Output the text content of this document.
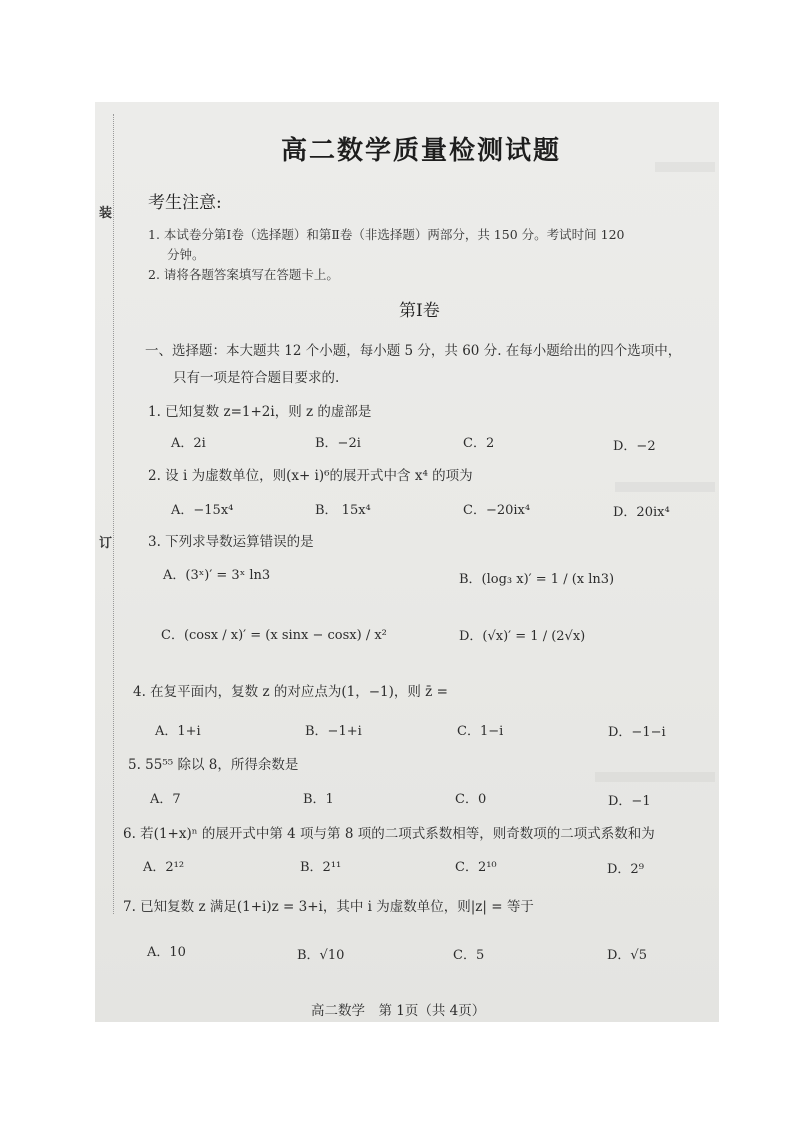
装
订
高二数学质量检测试题
考生注意:
1. 本试卷分第Ⅰ卷（选择题）和第Ⅱ卷（非选择题）两部分，共 150 分。考试时间 120
分钟。
2. 请将各题答案填写在答题卡上。
第Ⅰ卷
一、选择题：本大题共 12 个小题，每小题 5 分，共 60 分. 在每小题给出的四个选项中，
只有一项是符合题目要求的.
1. 已知复数 z=1+2i，则 z 的虚部是
A．2i	B．−2i	C．2	D．−2
2. 设 i 为虚数单位，则(x+ i)⁶的展开式中含 x⁴ 的项为
A．−15x⁴	B． 15x⁴	C．−20ix⁴	D．20ix⁴
3. 下列求导数运算错误的是
A．(3ˣ)′ = 3ˣ ln3	B．(log₃ x)′ = 1 / (x ln3)
C．(cosx / x)′ = (x sinx − cosx) / x²	D．(√x)′ = 1 / (2√x)
4. 在复平面内，复数 z 的对应点为(1，−1)，则 z̄ =
A．1+i	B．−1+i	C．1−i	D．−1−i
5. 55⁵⁵ 除以 8，所得余数是
A．7	B．1	C．0	D．−1
6. 若(1+x)ⁿ 的展开式中第 4 项与第 8 项的二项式系数相等，则奇数项的二项式系数和为
A．2¹²	B．2¹¹	C．2¹⁰	D．2⁹
7. 已知复数 z 满足(1+i)z = 3+i，其中 i 为虚数单位，则|z| = 等于
A．10	B．√10	C．5	D．√5
高二数学　第 1页（共 4页）
